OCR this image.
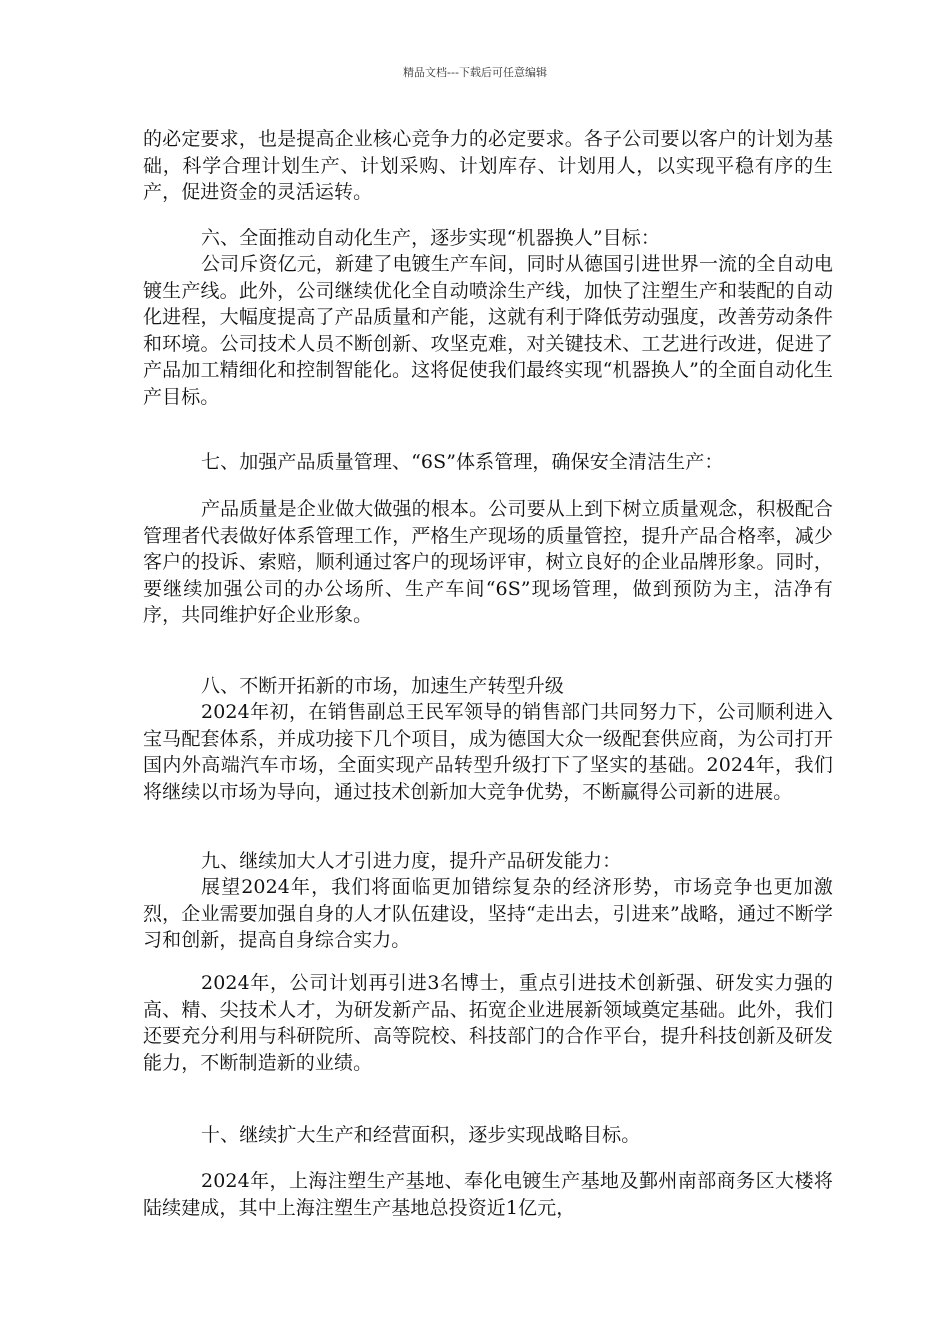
精品文档---下载后可任意编辑

的必定要求，也是提高企业核心竞争力的必定要求。各子公司要以客户的计划为基础，科学合理计划生产、计划采购、计划库存、计划用人，以实现平稳有序的生产，促进资金的灵活运转。

六、全面推动自动化生产，逐步实现“机器换人”目标：

公司斥资亿元，新建了电镀生产车间，同时从德国引进世界一流的全自动电镀生产线。此外，公司继续优化全自动喷涂生产线，加快了注塑生产和装配的自动化进程，大幅度提高了产品质量和产能，这就有利于降低劳动强度，改善劳动条件和环境。公司技术人员不断创新、攻坚克难，对关键技术、工艺进行改进，促进了产品加工精细化和控制智能化。这将促使我们最终实现“机器换人”的全面自动化生产目标。

七、加强产品质量管理、“6S”体系管理，确保安全清洁生产：

产品质量是企业做大做强的根本。公司要从上到下树立质量观念，积极配合管理者代表做好体系管理工作，严格生产现场的质量管控，提升产品合格率，减少客户的投诉、索赔，顺利通过客户的现场评审，树立良好的企业品牌形象。同时，要继续加强公司的办公场所、生产车间“6S”现场管理，做到预防为主，洁净有序，共同维护好企业形象。

八、不断开拓新的市场，加速生产转型升级

2024年初，在销售副总王民军领导的销售部门共同努力下，公司顺利进入宝马配套体系，并成功接下几个项目，成为德国大众一级配套供应商，为公司打开国内外高端汽车市场，全面实现产品转型升级打下了坚实的基础。2024年，我们将继续以市场为导向，通过技术创新加大竞争优势，不断赢得公司新的进展。

九、继续加大人才引进力度，提升产品研发能力：

展望2024年，我们将面临更加错综复杂的经济形势，市场竞争也更加激烈，企业需要加强自身的人才队伍建设，坚持“走出去，引进来”战略，通过不断学习和创新，提高自身综合实力。

2024年，公司计划再引进3名博士，重点引进技术创新强、研发实力强的高、精、尖技术人才，为研发新产品、拓宽企业进展新领域奠定基础。此外，我们还要充分利用与科研院所、高等院校、科技部门的合作平台，提升科技创新及研发能力，不断制造新的业绩。

十、继续扩大生产和经营面积，逐步实现战略目标。

2024年，上海注塑生产基地、奉化电镀生产基地及鄞州南部商务区大楼将陆续建成，其中上海注塑生产基地总投资近1亿元，
